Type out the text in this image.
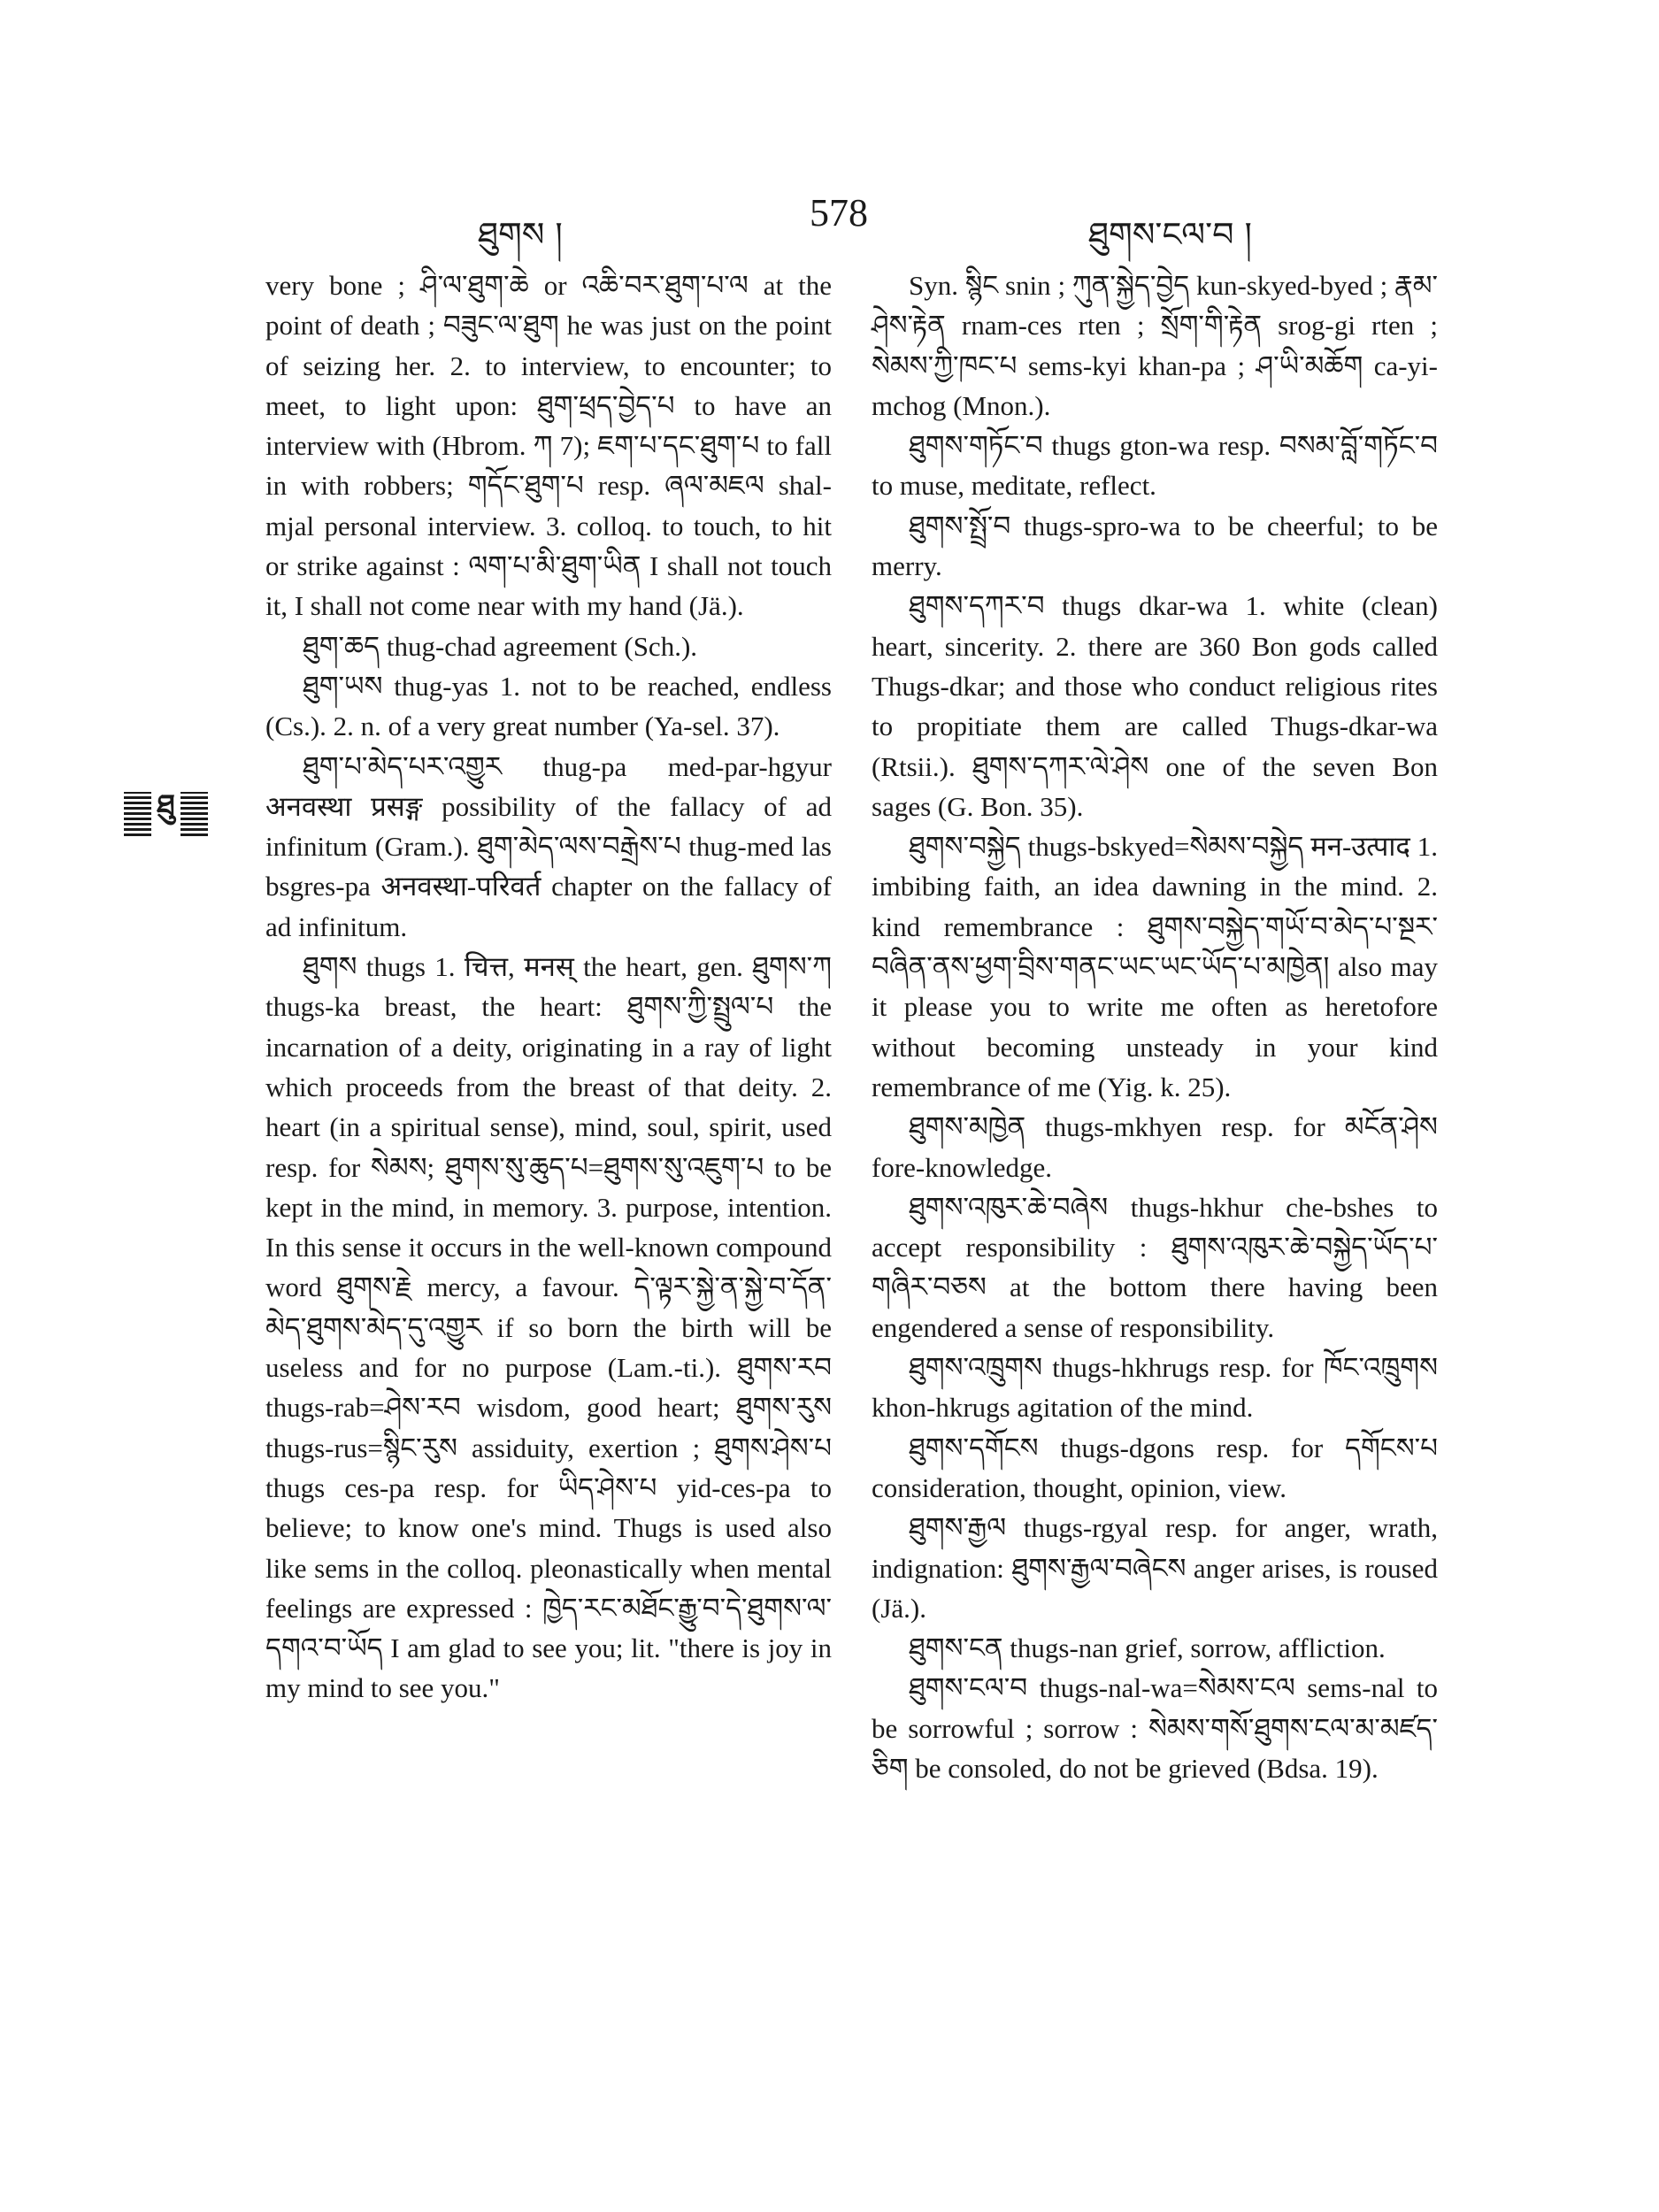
ཐུགས །	578	ཐུགས་ངལ་བ །
ཐུ

very bone ; ཤི་ལ་ཐུག་ཆེ or འཆི་བར་ཐུག་པ་ལ at the point of death ; བཟུང་ལ་ཐུག he was just on the point of seizing her. 2. to interview, to encounter; to meet, to light upon: ཐུག་ཕྲད་བྱེད་པ to have an interview with (Hbrom. ཀ 7); ཇག་པ་དང་ཐུག་པ to fall in with robbers; གདོང་ཐུག་པ resp. ཞལ་མཇལ shal-mjal personal interview. 3. colloq. to touch, to hit or strike against : ལག་པ་མི་ཐུག་ཡིན I shall not touch it, I shall not come near with my hand (Jä.).

ཐུག་ཆད thug-chad agreement (Sch.).

ཐུག་ཡས thug-yas 1. not to be reached, endless (Cs.). 2. n. of a very great number (Ya-sel. 37).

ཐུག་པ་མེད་པར་འགྱུར thug-pa med-par-hgyur अनवस्था प्रसङ्ग possibility of the fallacy of ad infinitum (Gram.). ཐུག་མེད་ལས་བརྒྲེས་པ thug-med las bsgres-pa अनवस्था-परिवर्त chapter on the fallacy of ad infinitum.

ཐུགས thugs 1. चित्त, मनस् the heart, gen. ཐུགས་ཀ thugs-ka breast, the heart: ཐུགས་ཀྱི་སྤྲུལ་པ the incarnation of a deity, originating in a ray of light which proceeds from the breast of that deity. 2. heart (in a spiritual sense), mind, soul, spirit, used resp. for སེམས; ཐུགས་སུ་ཆུད་པ=ཐུགས་སུ་འཇུག་པ to be kept in the mind, in memory. 3. purpose, intention. In this sense it occurs in the well-known compound word ཐུགས་རྗེ mercy, a favour. དེ་ལྟར་སྐྱེ་ན་སྐྱེ་བ་དོན་མེད་ཐུགས་མེད་དུ་འགྱུར if so born the birth will be useless and for no purpose (Lam.-ti.). ཐུགས་རབ thugs-rab=ཤེས་རབ wisdom, good heart; ཐུགས་རུས thugs-rus=སྙིང་རུས assiduity, exertion ; ཐུགས་ཤེས་པ thugs ces-pa resp. for ཡིད་ཤེས་པ yid-ces-pa to believe; to know one's mind. Thugs is used also like sems in the colloq. pleonastically when mental feelings are expressed : ཁྱེད་རང་མཐོང་རྒྱུ་བ་དེ་ཐུགས་ལ་དགའ་བ་ཡོད I am glad to see you; lit. "there is joy in my mind to see you."

Syn. སྙིང snin ; ཀུན་སྐྱེད་བྱེད kun-skyed-byed ; རྣམ་ཤེས་རྟེན rnam-ces rten ; སྲོག་གི་རྟེན srog-gi rten ; སེམས་ཀྱི་ཁང་པ sems-kyi khan-pa ; ཤ་ཡི་མཆོག ca-yi-mchog (Mnon.).

ཐུགས་གཏོང་བ thugs gton-wa resp. བསམ་བློ་གཏོང་བ to muse, meditate, reflect.

ཐུགས་སྤྲོ་བ thugs-spro-wa to be cheerful; to be merry.

ཐུགས་དཀར་བ thugs dkar-wa 1. white (clean) heart, sincerity. 2. there are 360 Bon gods called Thugs-dkar; and those who conduct religious rites to propitiate them are called Thugs-dkar-wa (Rtsii.). ཐུགས་དཀར་ལེ་ཤེས one of the seven Bon sages (G. Bon. 35).

ཐུགས་བསྐྱེད thugs-bskyed=སེམས་བསྐྱེད मन-उत्पाद 1. imbibing faith, an idea dawning in the mind. 2. kind remembrance : ཐུགས་བསྐྱེད་གཡོ་བ་མེད་པ་སྔར་བཞིན་ནས་ཕྱག་བྲིས་གནང་ཡང་ཡང་ཡོད་པ་མཁྱེན། also may it please you to write me often as heretofore without becoming unsteady in your kind remembrance of me (Yig. k. 25).

ཐུགས་མཁྱེན thugs-mkhyen resp. for མངོན་ཤེས fore-knowledge.

ཐུགས་འཁུར་ཆེ་བཞེས thugs-hkhur che-bshes to accept responsibility : ཐུགས་འཁུར་ཆེ་བསྐྱེད་ཡོད་པ་གཞིར་བཅས at the bottom there having been engendered a sense of responsibility.

ཐུགས་འཁྲུགས thugs-hkhrugs resp. for ཁོང་འཁྲུགས khon-hkrugs agitation of the mind.

ཐུགས་དགོངས thugs-dgons resp. for དགོངས་པ consideration, thought, opinion, view.

ཐུགས་རྒྱལ thugs-rgyal resp. for anger, wrath, indignation: ཐུགས་རྒྱལ་བཞེངས anger arises, is roused (Jä.).

ཐུགས་ངན thugs-nan grief, sorrow, affliction.

ཐུགས་ངལ་བ thugs-nal-wa=སེམས་ངལ sems-nal to be sorrowful ; sorrow : སེམས་གསོ་ཐུགས་ངལ་མ་མཛད་ཅིག be consoled, do not be grieved (Bdsa. 19).
